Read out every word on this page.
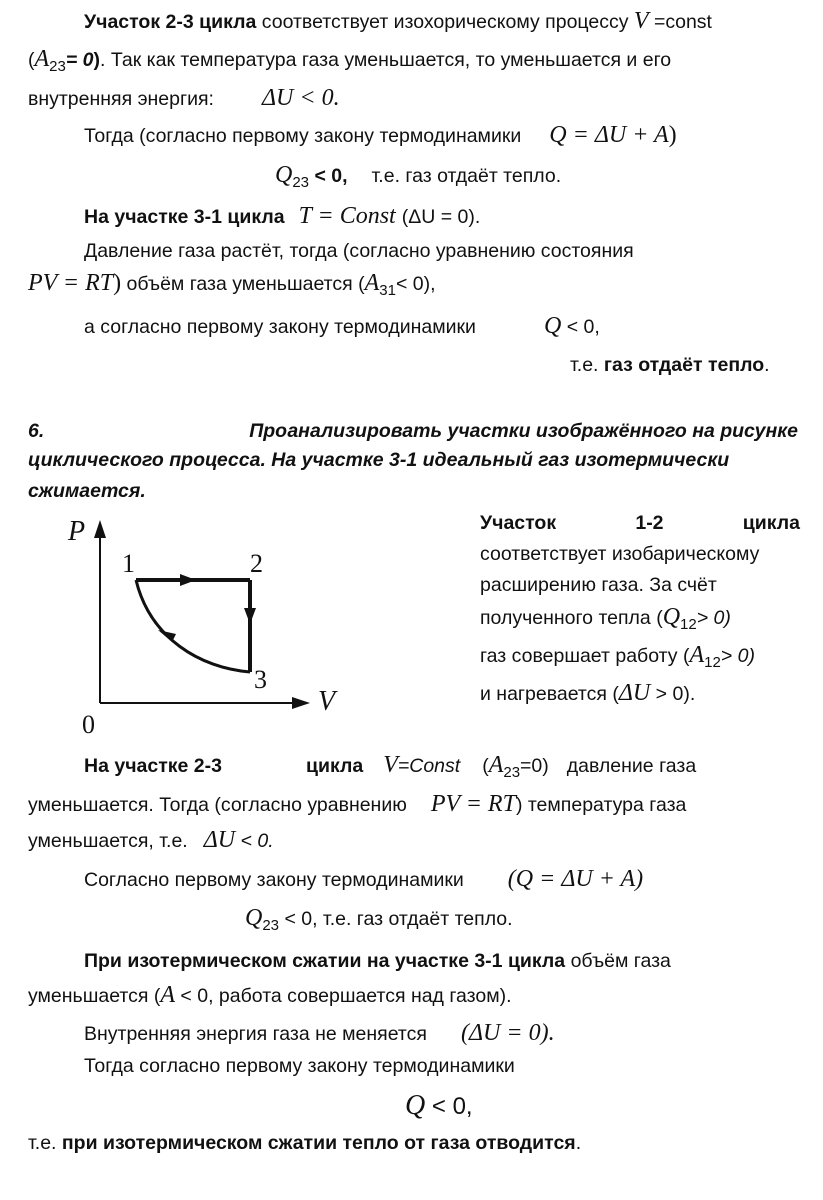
Участок 2-3 цикла соответствует изохорическому процессу V =const
$(A_{23}= 0)$. Так как температура газа уменьшается, то уменьшается и его
внутренняя энергия: ΔU < 0.
Тогда (согласно первому закону термодинамики Q = ΔU + A)
$Q_{23} < 0$, т.е. газ отдаёт тепло.
На участке 3-1 цикла T = Const (ΔU = 0).
Давление газа растёт, тогда (согласно уравнению состояния
PV = RT) объём газа уменьшается $(A_{31}< 0)$,
а согласно первому закону термодинамики	Q < 0,
т.е. газ отдаёт тепло.
6.	Проанализировать участки изображённого на рисунке
циклического процесса. На участке 3-1 идеальный газ изотермически
сжимается.
P
V
0
1	2
3
Участок	1-2	цикла
соответствует изобарическому
расширению газа. За счёт
полученного тепла $(Q_{12}> 0)$
газ совершает работу $(A_{12}> 0)$
и нагревается (ΔU > 0).
На участке 2-3	цикла V=Const $(A_{23}=0)$ давление газа
уменьшается. Тогда (согласно уравнению PV = RT) температура газа
уменьшается, т.е. ΔU < 0.
Согласно первому закону термодинамики (Q = ΔU + A)
$Q_{23} < 0$, т.е. газ отдаёт тепло.
При изотермическом сжатии на участке 3-1 цикла объём газа
уменьшается (A < 0, работа совершается над газом).
Внутренняя энергия газа не меняется (ΔU = 0).
Тогда согласно первому закону термодинамики
Q < 0,
т.е. при изотермическом сжатии тепло от газа отводится.
